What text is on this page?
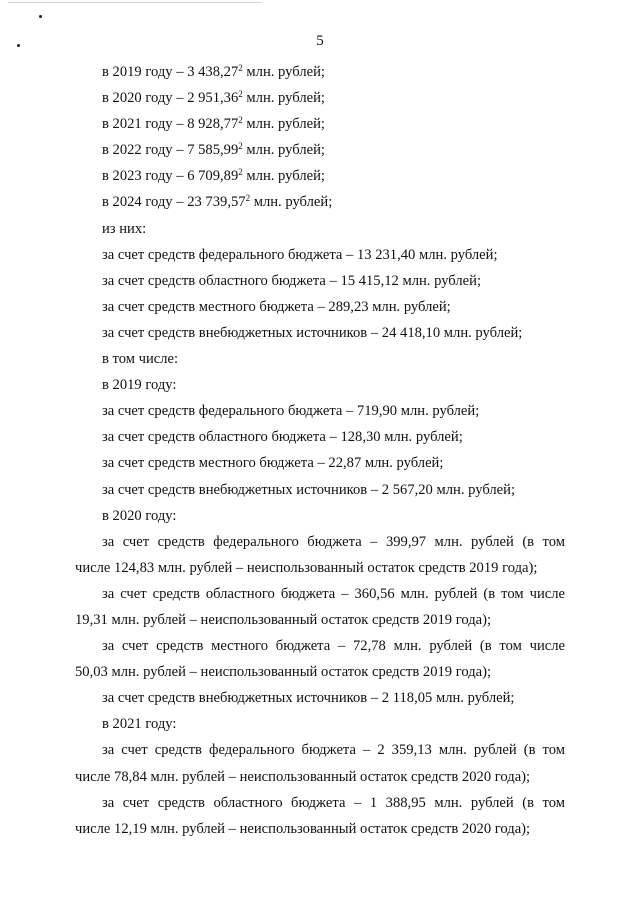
5
в 2019 году – 3 438,27$^2$ млн. рублей;
в 2020 году – 2 951,36$^2$ млн. рублей;
в 2021 году – 8 928,77$^2$ млн. рублей;
в 2022 году – 7 585,99$^2$ млн. рублей;
в 2023 году – 6 709,89$^2$ млн. рублей;
в 2024 году – 23 739,57$^2$ млн. рублей;
из них:
за счет средств федерального бюджета – 13 231,40 млн. рублей;
за счет средств областного бюджета – 15 415,12 млн. рублей;
за счет средств местного бюджета – 289,23 млн. рублей;
за счет средств внебюджетных источников – 24 418,10 млн. рублей;
в том числе:
в 2019 году:
за счет средств федерального бюджета – 719,90 млн. рублей;
за счет средств областного бюджета – 128,30 млн. рублей;
за счет средств местного бюджета – 22,87 млн. рублей;
за счет средств внебюджетных источников – 2 567,20 млн. рублей;
в 2020 году:
за счет средств федерального бюджета – 399,97 млн. рублей (в том
числе 124,83 млн. рублей – неиспользованный остаток средств 2019 года);
за счет средств областного бюджета – 360,56 млн. рублей (в том числе
19,31 млн. рублей – неиспользованный остаток средств 2019 года);
за счет средств местного бюджета – 72,78 млн. рублей (в том числе
50,03 млн. рублей – неиспользованный остаток средств 2019 года);
за счет средств внебюджетных источников – 2 118,05 млн. рублей;
в 2021 году:
за счет средств федерального бюджета – 2 359,13 млн. рублей (в том
числе 78,84 млн. рублей – неиспользованный остаток средств 2020 года);
за счет средств областного бюджета – 1 388,95 млн. рублей (в том
числе 12,19 млн. рублей – неиспользованный остаток средств 2020 года);
